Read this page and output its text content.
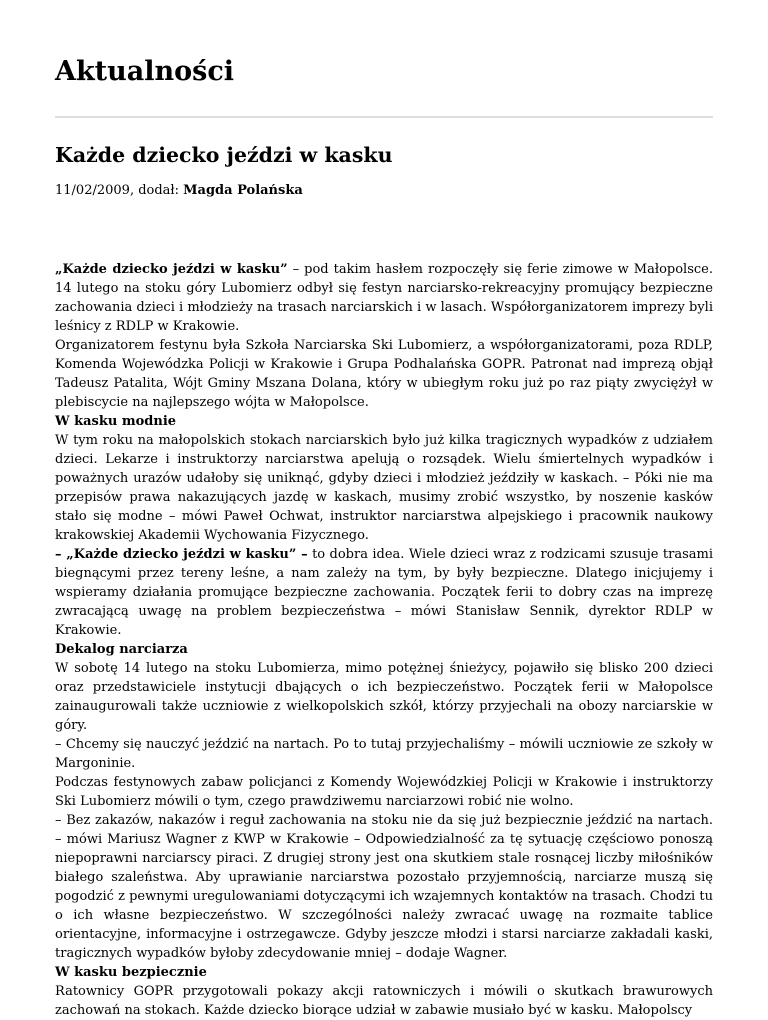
Aktualności
Każde dziecko jeździ w kasku
11/02/2009, dodał: Magda Polańska

„Każde dziecko jeździ w kasku” – pod takim hasłem rozpoczęły się ferie zimowe w Małopolsce. 14 lutego na stoku góry Lubomierz odbył się festyn narciarsko-rekreacyjny promujący bezpieczne zachowania dzieci i młodzieży na trasach narciarskich i w lasach. Współorganizatorem imprezy byli leśnicy z RDLP w Krakowie.

Organizatorem festynu była Szkoła Narciarska Ski Lubomierz, a współorganizatorami, poza RDLP, Komenda Wojewódzka Policji w Krakowie i Grupa Podhalańska GOPR. Patronat nad imprezą objął Tadeusz Patalita, Wójt Gminy Mszana Dolana, który w ubiegłym roku już po raz piąty zwyciężył w plebiscycie na najlepszego wójta w Małopolsce.

W kasku modnie

W tym roku na małopolskich stokach narciarskich było już kilka tragicznych wypadków z udziałem dzieci. Lekarze i instruktorzy narciarstwa apelują o rozsądek. Wielu śmiertelnych wypadków i poważnych urazów udałoby się uniknąć, gdyby dzieci i młodzież jeździły w kaskach. – Póki nie ma przepisów prawa nakazujących jazdę w kaskach, musimy zrobić wszystko, by noszenie kasków stało się modne – mówi Paweł Ochwat, instruktor narciarstwa alpejskiego i pracownik naukowy krakowskiej Akademii Wychowania Fizycznego.

– „Każde dziecko jeździ w kasku” – to dobra idea. Wiele dzieci wraz z rodzicami szusuje trasami biegnącymi przez tereny leśne, a nam zależy na tym, by były bezpieczne. Dlatego inicjujemy i wspieramy działania promujące bezpieczne zachowania. Początek ferii to dobry czas na imprezę zwracającą uwagę na problem bezpieczeństwa – mówi Stanisław Sennik, dyrektor RDLP w Krakowie.

Dekalog narciarza

W sobotę 14 lutego na stoku Lubomierza, mimo potężnej śnieżycy, pojawiło się blisko 200 dzieci oraz przedstawiciele instytucji dbających o ich bezpieczeństwo. Początek ferii w Małopolsce zainaugurowali także uczniowie z wielkopolskich szkół, którzy przyjechali na obozy narciarskie w góry.

– Chcemy się nauczyć jeździć na nartach. Po to tutaj przyjechaliśmy – mówili uczniowie ze szkoły w Margoninie.

Podczas festynowych zabaw policjanci z Komendy Wojewódzkiej Policji w Krakowie i instruktorzy Ski Lubomierz mówili o tym, czego prawdziwemu narciarzowi robić nie wolno.

– Bez zakazów, nakazów i reguł zachowania na stoku nie da się już bezpiecznie jeździć na nartach. – mówi Mariusz Wagner z KWP w Krakowie – Odpowiedzialność za tę sytuację częściowo ponoszą niepoprawni narciarscy piraci. Z drugiej strony jest ona skutkiem stale rosnącej liczby miłośników białego szaleństwa. Aby uprawianie narciarstwa pozostało przyjemnością, narciarze muszą się pogodzić z pewnymi uregulowaniami dotyczącymi ich wzajemnych kontaktów na trasach. Chodzi tu o ich własne bezpieczeństwo. W szczególności należy zwracać uwagę na rozmaite tablice orientacyjne, informacyjne i ostrzegawcze. Gdyby jeszcze młodzi i starsi narciarze zakładali kaski, tragicznych wypadków byłoby zdecydowanie mniej – dodaje Wagner.

W kasku bezpiecznie

Ratownicy GOPR przygotowali pokazy akcji ratowniczych i mówili o skutkach brawurowych zachowań na stokach. Każde dziecko biorące udział w zabawie musiało być w kasku. Małopolscy
